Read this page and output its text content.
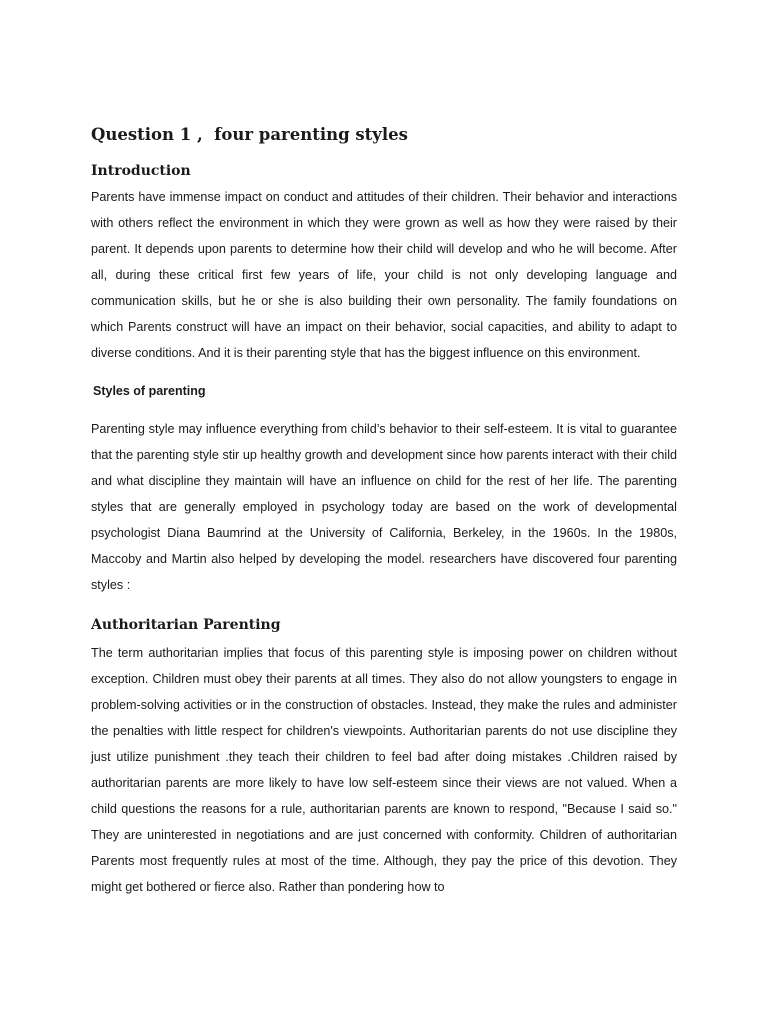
Question 1 ,  four parenting styles
Introduction

Parents have immense impact on conduct and attitudes of their children. Their behavior and interactions with others reflect the environment in which they were grown as well as how they were raised by their parent. It depends upon parents to determine how their child will develop and who he will become. After all, during these critical first few years of life, your child is not only developing language and communication skills, but he or she is also building their own personality. The family foundations on which Parents construct will have an impact on their behavior, social capacities, and ability to adapt to diverse conditions. And it is their parenting style that has the biggest influence on this environment.

Styles of parenting

Parenting style may influence everything from child’s behavior to their self-esteem. It is vital to guarantee that the parenting style stir up healthy growth and development since how parents interact with their child and what discipline they maintain will have an influence on child for the rest of her life. The parenting styles that are generally employed in psychology today are based on the work of developmental psychologist Diana Baumrind at the University of California, Berkeley, in the 1960s. In the 1980s, Maccoby and Martin also helped by developing the model. researchers have discovered four parenting styles :

Authoritarian Parenting

The term authoritarian implies that focus of this parenting style is imposing power on children without exception. Children must obey their parents at all times. They also do not allow youngsters to engage in problem-solving activities or in the construction of obstacles. Instead, they make the rules and administer the penalties with little respect for children's viewpoints. Authoritarian parents do not use discipline they just utilize punishment .they teach their children to feel bad after doing mistakes .Children raised by authoritarian parents are more likely to have low self-esteem since their views are not valued. When a child questions the reasons for a rule, authoritarian parents are known to respond, "Because I said so." They are uninterested in negotiations and are just concerned with conformity. Children of authoritarian Parents most frequently rules at most of the time. Although, they pay the price of this devotion. They might get bothered or fierce also. Rather than pondering how to
